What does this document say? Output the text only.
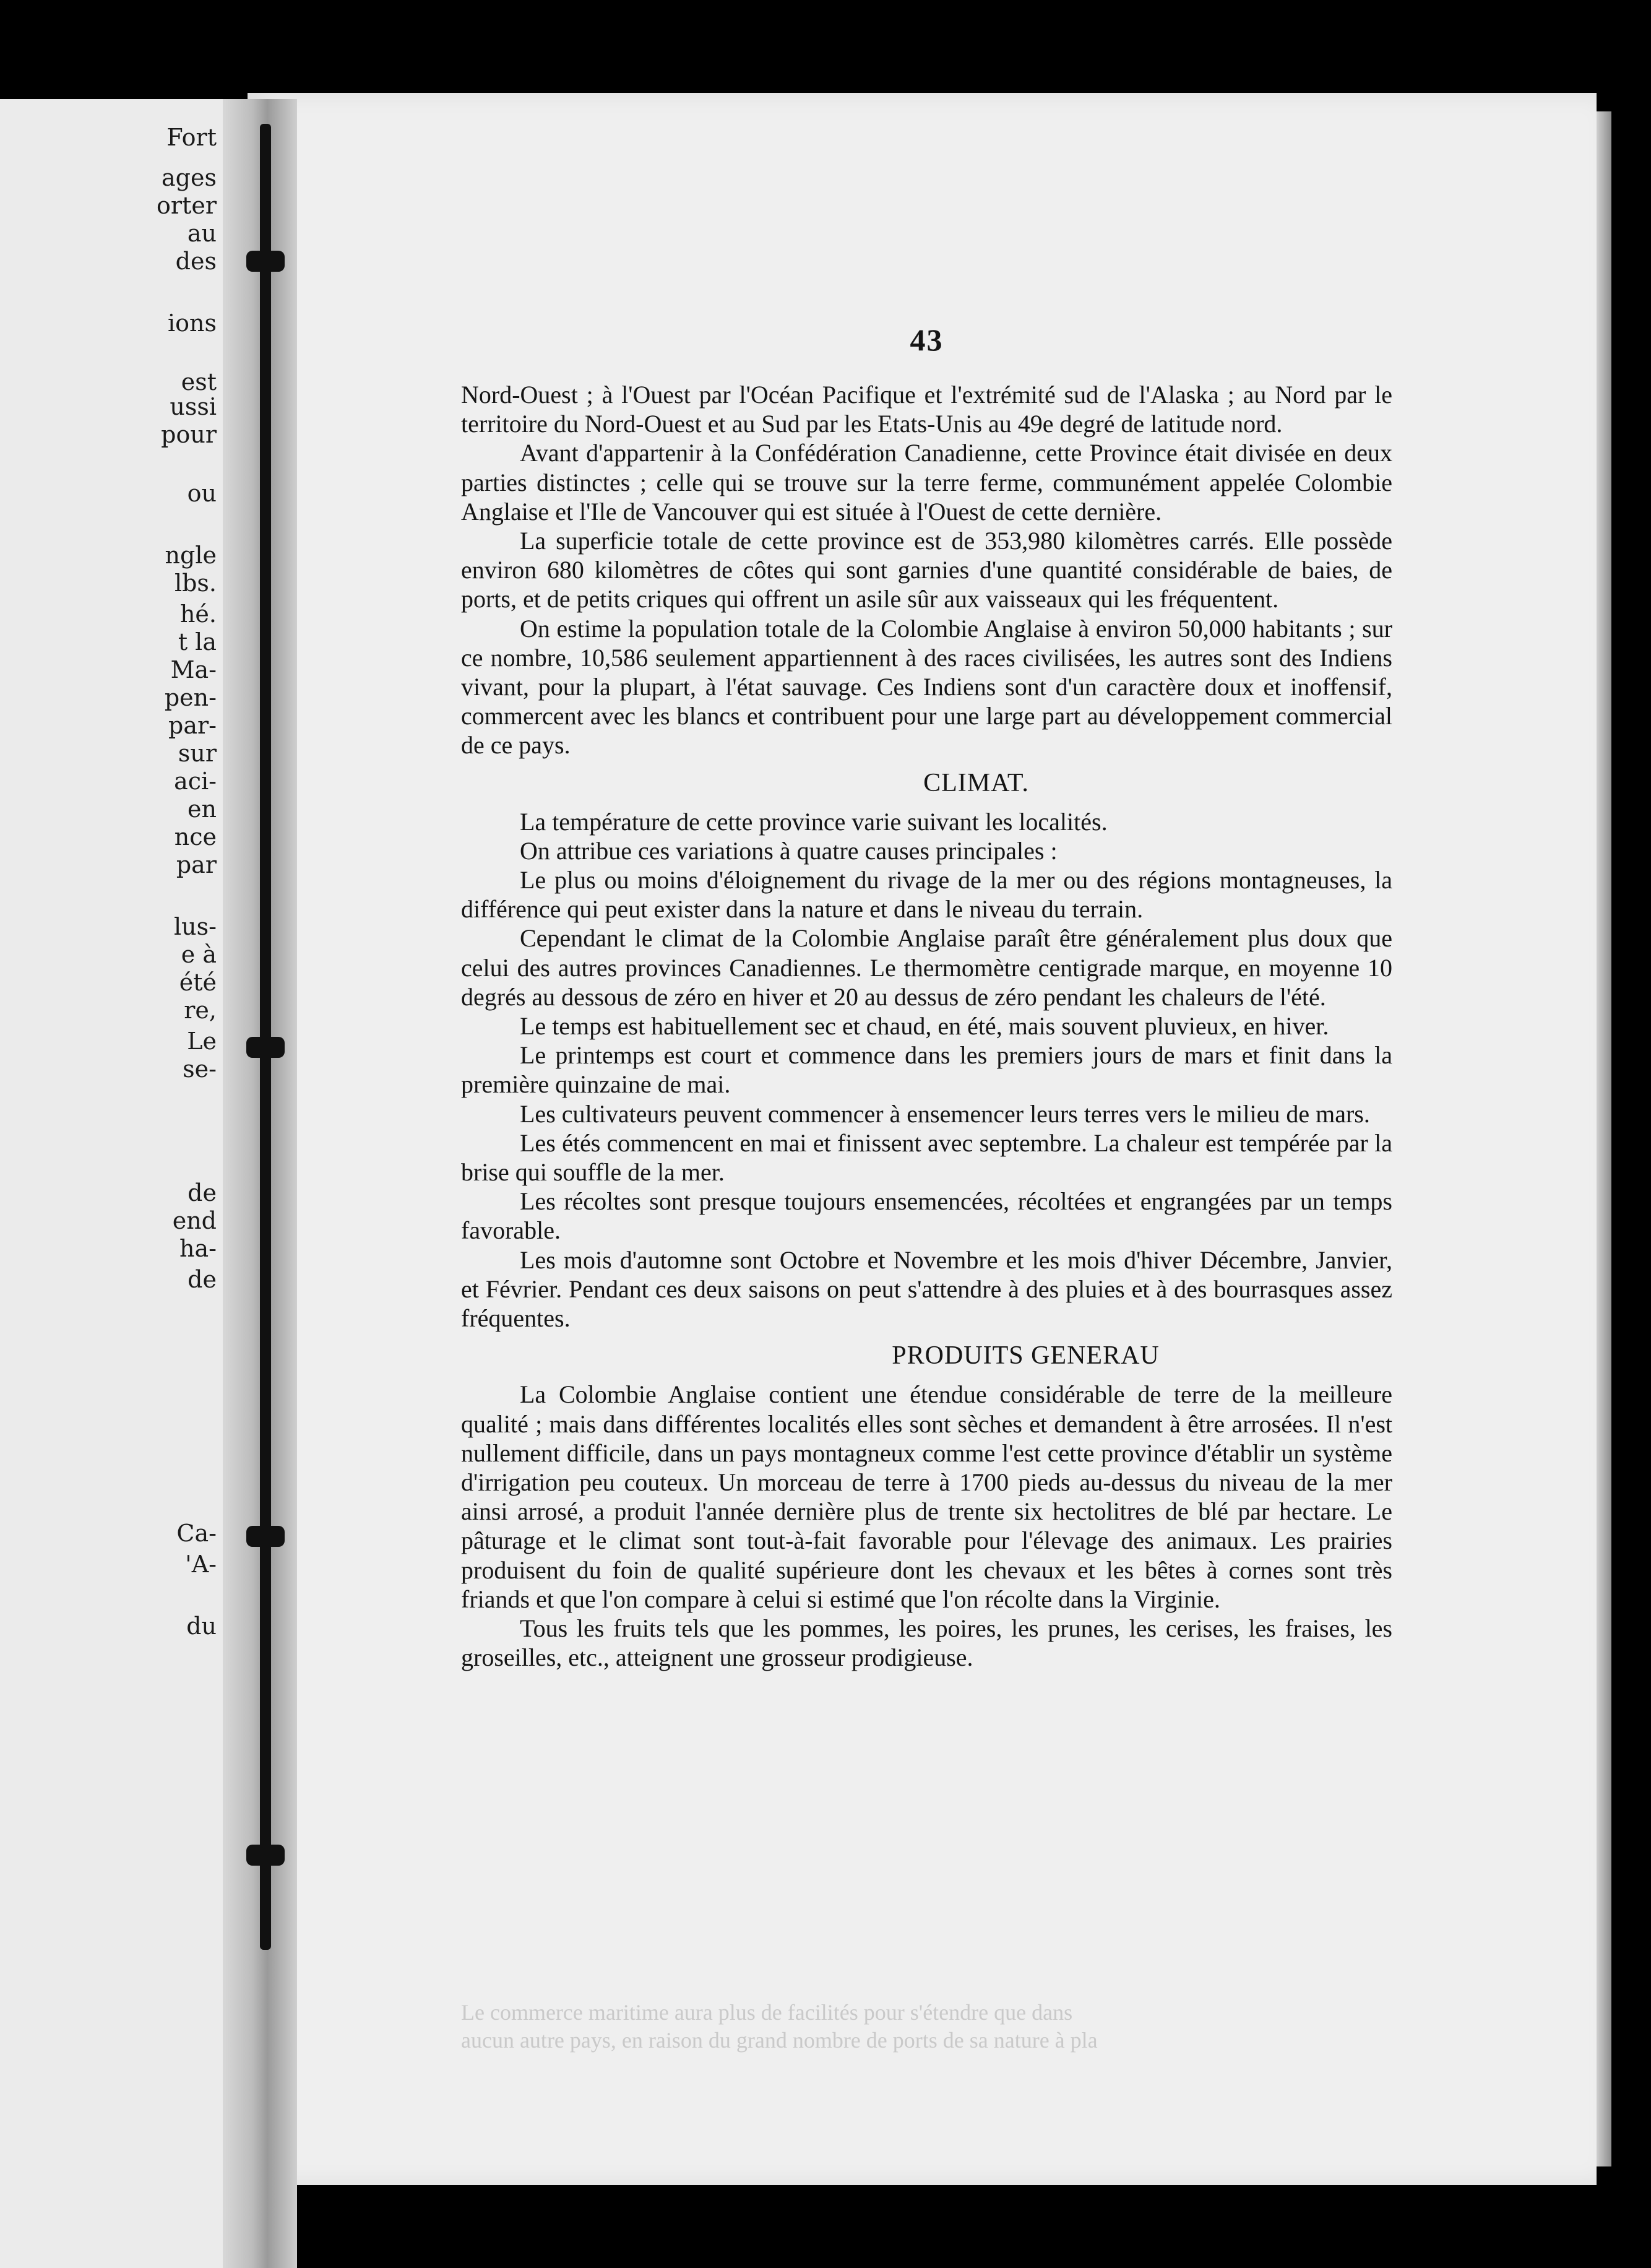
Fort
ages
orter
au
des
ions
est
ussi
pour
ou
ngle
lbs.
hé.
t la
Ma-
pen-
par-
sur
aci-
en
nce
par
lus-
e à
été
re,
Le
se-
de
end
ha-
de
Ca-
'A-
du
Le commerce maritime aura plus de facilités pour s'étendre que dans
aucun autre pays, en raison du grand nombre de ports de sa nature à pla
43

Nord-Ouest ; à l'Ouest par l'Océan Pacifique et l'extrémité sud de l'Alaska ; au Nord par le territoire du Nord-Ouest et au Sud par les Etats-Unis au 49e degré de latitude nord.

Avant d'appartenir à la Confédération Canadienne, cette Province était divisée en deux parties distinctes ; celle qui se trouve sur la terre ferme, communément appelée Colombie Anglaise et l'Ile de Vancouver qui est située à l'Ouest de cette dernière.

La superficie totale de cette province est de 353,980 kilomètres carrés. Elle possède environ 680 kilomètres de côtes qui sont garnies d'une quantité considérable de baies, de ports, et de petits criques qui offrent un asile sûr aux vaisseaux qui les fréquentent.

On estime la population totale de la Colombie Anglaise à environ 50,000 habitants ; sur ce nombre, 10,586 seulement appartiennent à des races civilisées, les autres sont des Indiens vivant, pour la plupart, à l'état sauvage. Ces Indiens sont d'un caractère doux et inoffensif, commercent avec les blancs et contribuent pour une large part au développement commercial de ce pays.

CLIMAT.

La température de cette province varie suivant les localités.

On attribue ces variations à quatre causes principales :

Le plus ou moins d'éloignement du rivage de la mer ou des régions montagneuses, la différence qui peut exister dans la nature et dans le niveau du terrain.

Cependant le climat de la Colombie Anglaise paraît être généralement plus doux que celui des autres provinces Canadiennes. Le thermomètre centigrade marque, en moyenne 10 degrés au dessous de zéro en hiver et 20 au dessus de zéro pendant les chaleurs de l'été.

Le temps est habituellement sec et chaud, en été, mais souvent pluvieux, en hiver.

Le printemps est court et commence dans les premiers jours de mars et finit dans la première quinzaine de mai.

Les cultivateurs peuvent commencer à ensemencer leurs terres vers le milieu de mars.

Les étés commencent en mai et finissent avec septembre. La chaleur est tempérée par la brise qui souffle de la mer.

Les récoltes sont presque toujours ensemencées, récoltées et engrangées par un temps favorable.

Les mois d'automne sont Octobre et Novembre et les mois d'hiver Décembre, Janvier, et Février. Pendant ces deux saisons on peut s'attendre à des pluies et à des bourrasques assez fréquentes.

PRODUITS GENERAU

La Colombie Anglaise contient une étendue considérable de terre de la meilleure qualité ; mais dans différentes localités elles sont sèches et demandent à être arrosées. Il n'est nullement difficile, dans un pays montagneux comme l'est cette province d'établir un système d'irrigation peu couteux. Un morceau de terre à 1700 pieds au-dessus du niveau de la mer ainsi arrosé, a produit l'année dernière plus de trente six hectolitres de blé par hectare. Le pâturage et le climat sont tout-à-fait favorable pour l'élevage des animaux. Les prairies produisent du foin de qualité supérieure dont les chevaux et les bêtes à cornes sont très friands et que l'on compare à celui si estimé que l'on récolte dans la Virginie.

Tous les fruits tels que les pommes, les poires, les prunes, les cerises, les fraises, les groseilles, etc., atteignent une grosseur prodigieuse.
